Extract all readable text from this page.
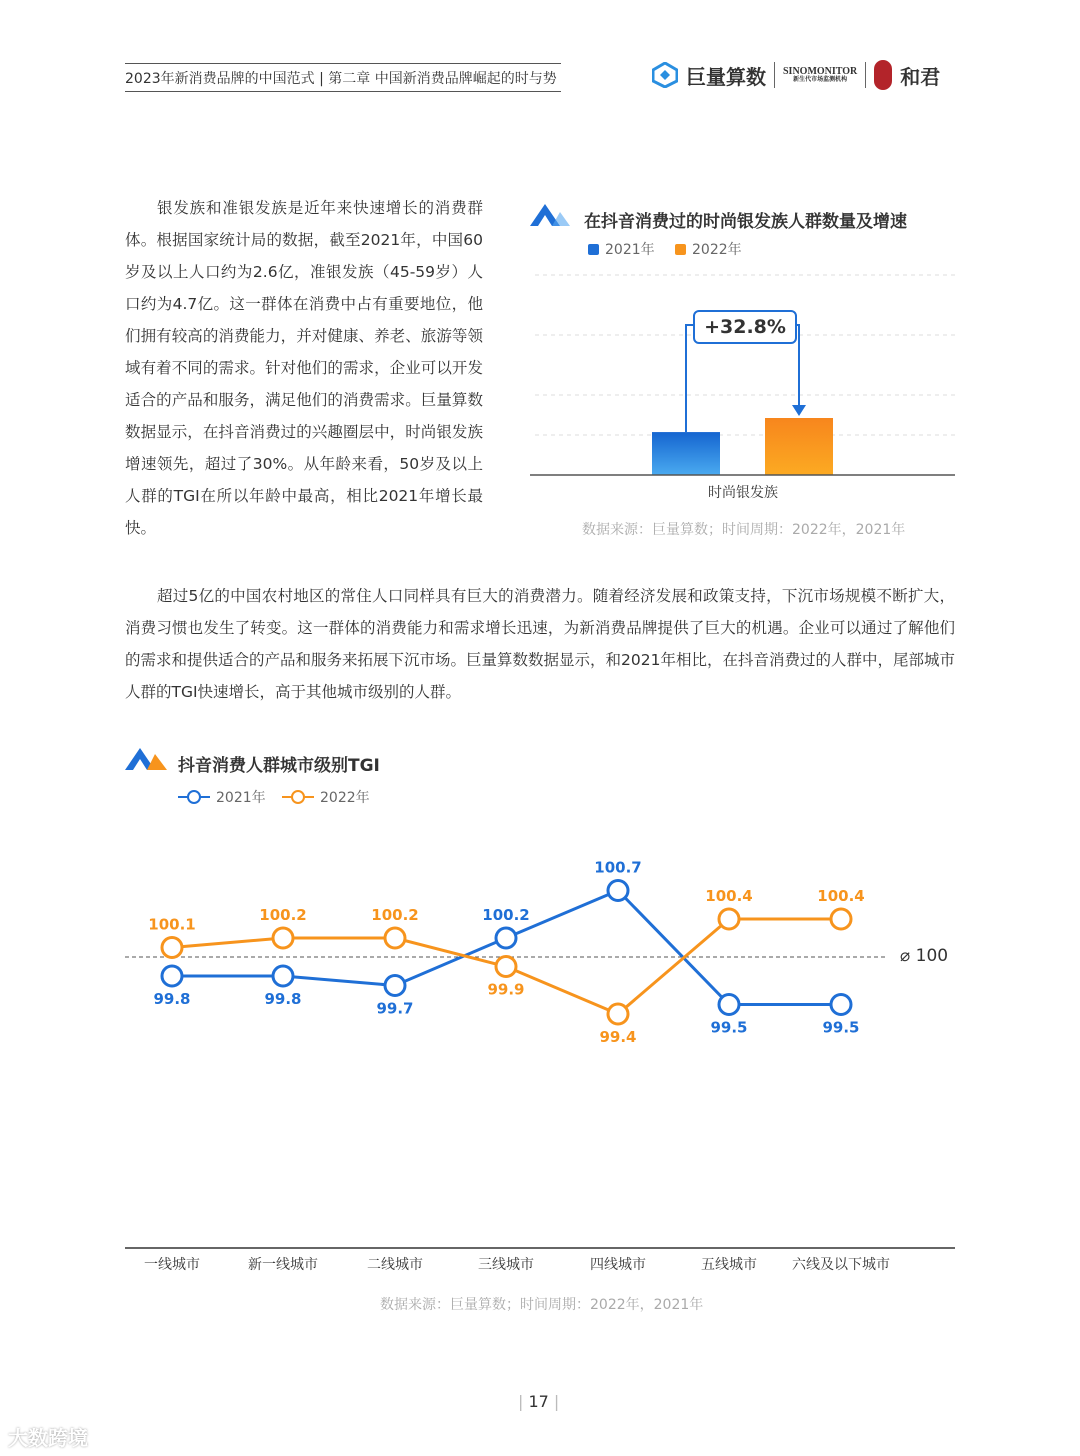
2023年新消费品牌的中国范式 | 第二章 中国新消费品牌崛起的时与势	巨量算数 SINOMONITOR
新生代市场监测机构	和君
银发族和准银发族是近年来快速增长的消费群体。根据国家统计局的数据，截至2021年，中国60岁及以上人口约为2.6亿，准银发族（45-59岁）人口约为4.7亿。这一群体在消费中占有重要地位，他们拥有较高的消费能力，并对健康、养老、旅游等领域有着不同的需求。针对他们的需求，企业可以开发适合的产品和服务，满足他们的消费需求。巨量算数数据显示，在抖音消费过的兴趣圈层中，时尚银发族增速领先，超过了30%。从年龄来看，50岁及以上人群的TGI在所以年龄中最高，相比2021年增长最快。
在抖音消费过的时尚银发族人群数量及增速
2021年	2022年
+32.8%
时尚银发族
数据来源：巨量算数；时间周期：2022年，2021年
超过5亿的中国农村地区的常住人口同样具有巨大的消费潜力。随着经济发展和政策支持，下沉市场规模不断扩大，消费习惯也发生了转变。这一群体的消费能力和需求增长迅速，为新消费品牌提供了巨大的机遇。企业可以通过了解他们的需求和提供适合的产品和服务来拓展下沉市场。巨量算数数据显示，和2021年相比，在抖音消费过的人群中，尾部城市人群的TGI快速增长，高于其他城市级别的人群。
抖音消费人群城市级别TGI
2021年	2022年
99.8	99.8
99.7
100.2
100.7
99.5	99.5
100.1
100.2	100.2
99.9
99.4
100.4	100.4
⌀ 100
一线城市	新一线城市	二线城市	三线城市	四线城市	五线城市	六线及以下城市
数据来源：巨量算数；时间周期：2022年，2021年
| 17 |
大数跨境
